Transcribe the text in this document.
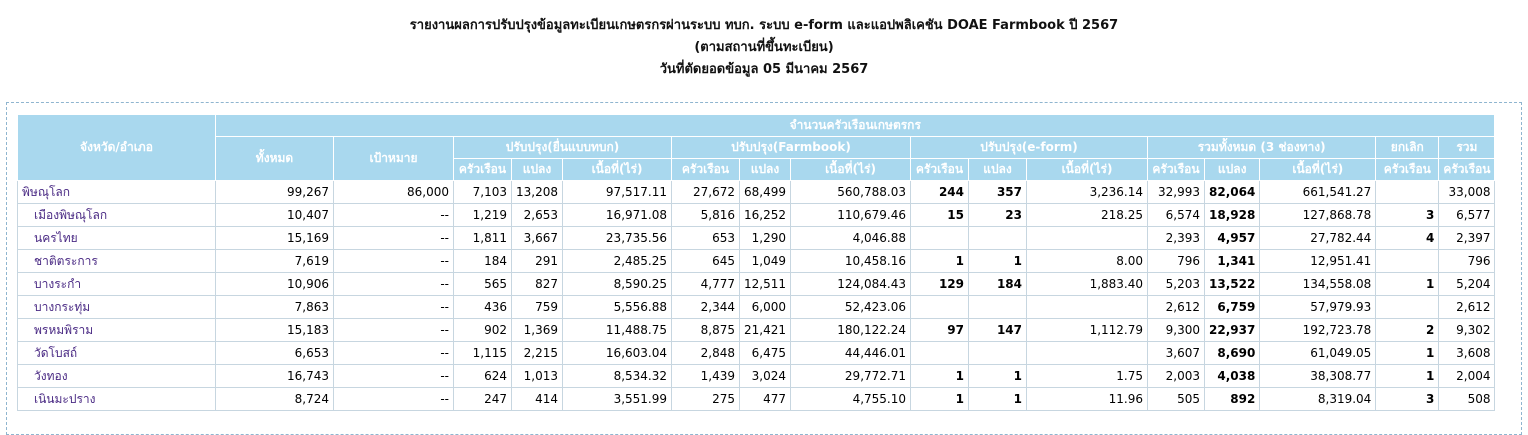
รายงานผลการปรับปรุงข้อมูลทะเบียนเกษตรกรผ่านระบบ ทบก. ระบบ e-form และแอปพลิเคชัน DOAE Farmbook ปี 2567
(ตามสถานที่ขึ้นทะเบียน)
วันที่ตัดยอดข้อมูล 05 มีนาคม 2567
จังหวัด/อำเภอ	จำนวนครัวเรือนเกษตรกร															
	ทั้งหมด	เป้าหมาย	ปรับปรุง(ยื่นแบบทบก)			ปรับปรุง(Farmbook)			ปรับปรุง(e-form)			รวมทั้งหมด (3 ช่องทาง)			ยกเลิก	รวม
			ครัวเรือน	แปลง	เนื้อที่(ไร่)	ครัวเรือน	แปลง	เนื้อที่(ไร่)	ครัวเรือน	แปลง	เนื้อที่(ไร่)	ครัวเรือน	แปลง	เนื้อที่(ไร่)	ครัวเรือน	ครัวเรือน
พิษณุโลก	99,267	86,000	7,103	13,208	97,517.11	27,672	68,499	560,788.03	244	357	3,236.14	32,993	82,064	661,541.27		33,008
เมืองพิษณุโลก	10,407	--	1,219	2,653	16,971.08	5,816	16,252	110,679.46	15	23	218.25	6,574	18,928	127,868.78	3	6,577
นครไทย	15,169	--	1,811	3,667	23,735.56	653	1,290	4,046.88				2,393	4,957	27,782.44	4	2,397
ชาติตระการ	7,619	--	184	291	2,485.25	645	1,049	10,458.16	1	1	8.00	796	1,341	12,951.41		796
บางระกำ	10,906	--	565	827	8,590.25	4,777	12,511	124,084.43	129	184	1,883.40	5,203	13,522	134,558.08	1	5,204
บางกระทุ่ม	7,863	--	436	759	5,556.88	2,344	6,000	52,423.06				2,612	6,759	57,979.93		2,612
พรหมพิราม	15,183	--	902	1,369	11,488.75	8,875	21,421	180,122.24	97	147	1,112.79	9,300	22,937	192,723.78	2	9,302
วัดโบสถ์	6,653	--	1,115	2,215	16,603.04	2,848	6,475	44,446.01				3,607	8,690	61,049.05	1	3,608
วังทอง	16,743	--	624	1,013	8,534.32	1,439	3,024	29,772.71	1	1	1.75	2,003	4,038	38,308.77	1	2,004
เนินมะปราง	8,724	--	247	414	3,551.99	275	477	4,755.10	1	1	11.96	505	892	8,319.04	3	508
